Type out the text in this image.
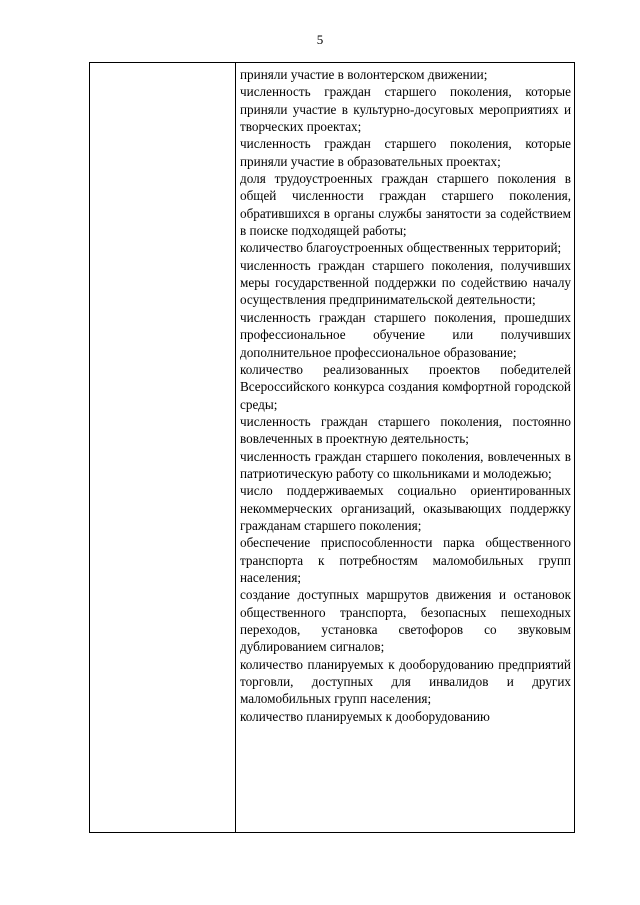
5

приняли участие в волонтерском движении;

численность граждан старшего поколения, которые приняли участие в культурно-досуговых мероприятиях и творческих проектах;

численность граждан старшего поколения, которые приняли участие в образовательных проектах;

доля трудоустроенных граждан старшего поколения в общей численности граждан старшего поколения, обратившихся в органы службы занятости за содействием в поиске подходящей работы;

количество благоустроенных общественных территорий;

численность граждан старшего поколения, получивших меры государственной поддержки по содействию началу осуществления предпринимательской деятельности;

численность граждан старшего поколения, прошедших профессиональное обучение или получивших дополнительное профессиональное образование;

количество реализованных проектов победителей Всероссийского конкурса создания комфортной городской среды;

численность граждан старшего поколения, постоянно вовлеченных в проектную деятельность;

численность граждан старшего поколения, вовлеченных в патриотическую работу со школьниками и молодежью;

число поддерживаемых социально ориентированных некоммерческих организаций, оказывающих поддержку гражданам старшего поколения;

обеспечение приспособленности парка общественного транспорта к потребностям маломобильных групп населения;

создание доступных маршрутов движения и остановок общественного транспорта, безопасных пешеходных переходов, установка светофоров со звуковым дублированием сигналов;

количество планируемых к дооборудованию предприятий торговли, доступных для инвалидов и других маломобильных групп населения;

количество планируемых к дооборудованию
